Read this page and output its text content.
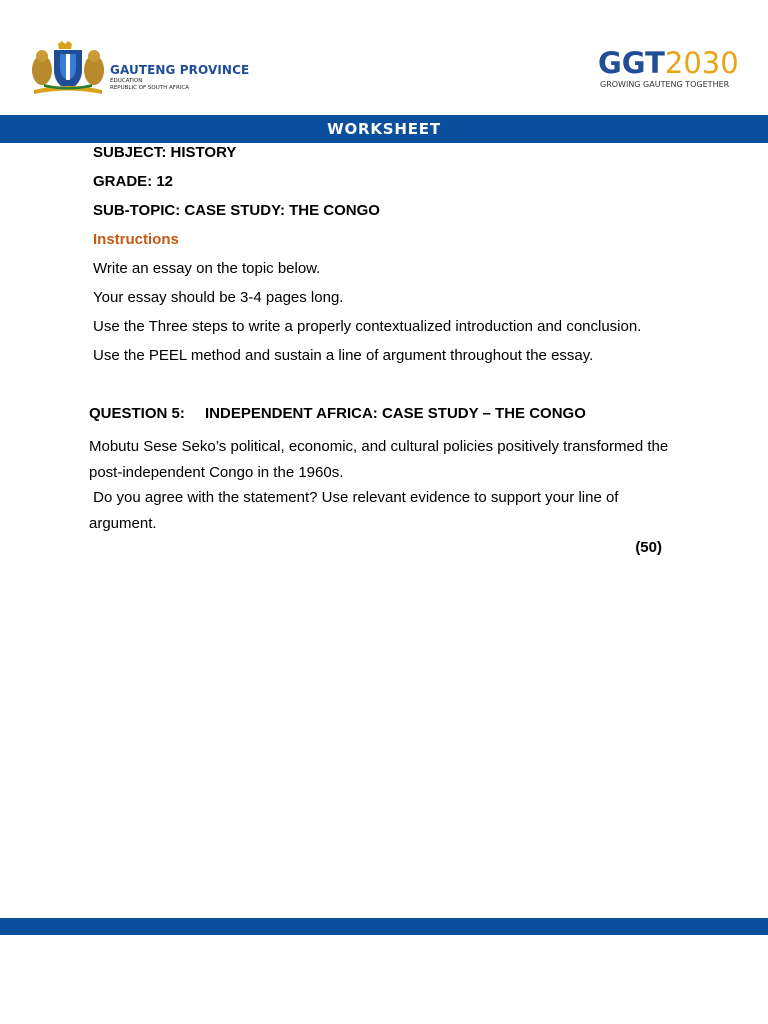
GAUTENG PROVINCE
EDUCATION
REPUBLIC OF SOUTH AFRICA
GGT2030
GROWING GAUTENG TOGETHER
WORKSHEET
SUBJECT: HISTORY
GRADE: 12
SUB-TOPIC: CASE STUDY: THE CONGO
Instructions
Write an essay on the topic below.
Your essay should be 3-4 pages long.
Use the Three steps to write a properly contextualized introduction and conclusion.
Use the PEEL method and sustain a line of argument throughout the essay.
QUESTION 5: INDEPENDENT AFRICA: CASE STUDY – THE CONGO
Mobutu Sese Seko’s political, economic, and cultural policies positively transformed the post-independent Congo in the 1960s.
Do you agree with the statement? Use relevant evidence to support your line of argument.
(50)
